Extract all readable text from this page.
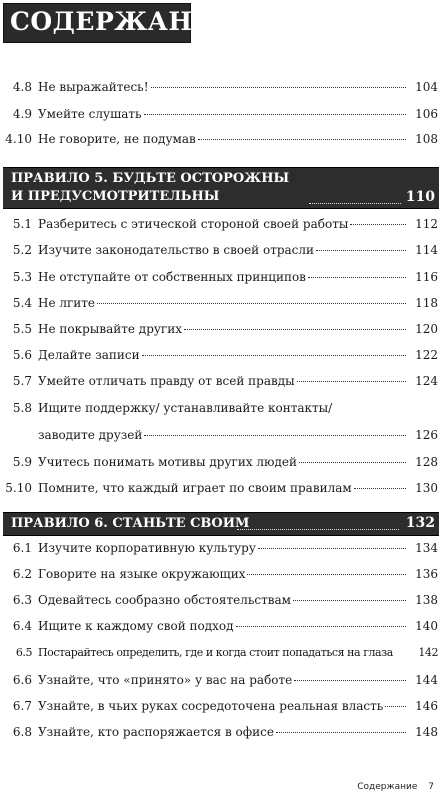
СОДЕРЖАНИЕ
4.8 Не выражайтесь!	104
4.9 Умейте слушать	106
4.10 Не говорите, не подумав	108
ПРАВИЛО 5. БУДЬТЕ ОСТОРОЖНЫ
И ПРЕДУСМОТРИТЕЛЬНЫ	110
5.1 Разберитесь с этической стороной своей работы	112
5.2 Изучите законодательство в своей отрасли	114
5.3 Не отступайте от собственных принципов	116
5.4 Не лгите	118
5.5 Не покрывайте других	120
5.6 Делайте записи	122
5.7 Умейте отличать правду от всей правды	124
5.8 Ищите поддержку/ устанавливайте контакты/
заводите друзей	126
5.9 Учитесь понимать мотивы других людей	128
5.10 Помните, что каждый играет по своим правилам	130
ПРАВИЛО 6. СТАНЬТЕ СВОИМ	132
6.1 Изучите корпоративную культуру	134
6.2 Говорите на языке окружающих	136
6.3 Одевайтесь сообразно обстоятельствам	138
6.4 Ищите к каждому свой подход	140
6.5 Постарайтесь определить, где и когда стоит попадаться на глаза	142
6.6 Узнайте, что «принято» у вас на работе	144
6.7 Узнайте, в чьих руках сосредоточена реальная власть	146
6.8 Узнайте, кто распоряжается в офисе	148
Содержание 7
